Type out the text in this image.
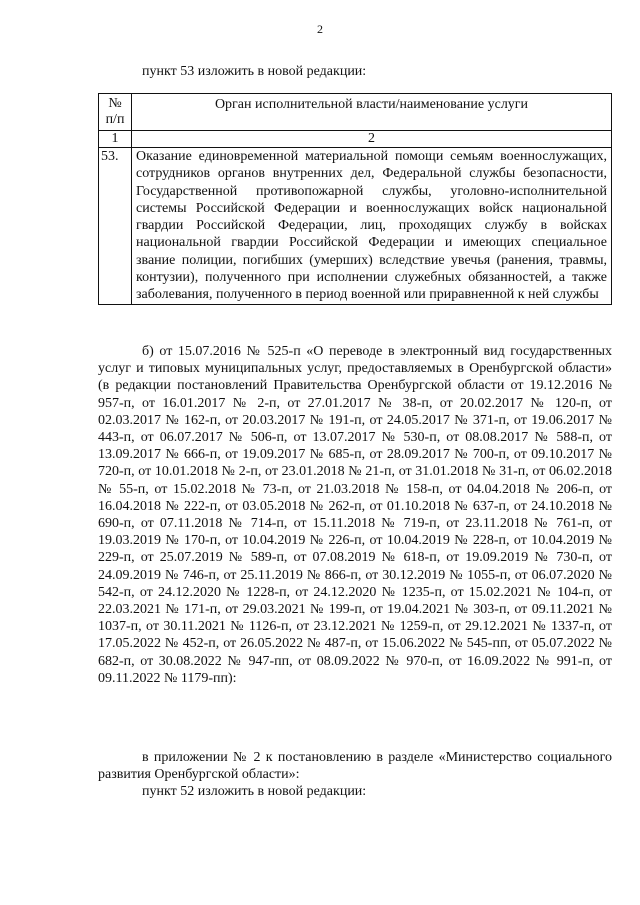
2
пункт 53 изложить в новой редакции:
№ п/п	Орган исполнительной власти/наименование услуги
1	2
53.	Оказание единовременной материальной помощи семьям военнослужащих, сотрудников органов внутренних дел, Федеральной службы безопасности, Государственной противопожарной службы, уголовно-исполнительной системы Российской Федерации и военнослужащих войск национальной гвардии Российской Федерации, лиц, проходящих службу в войсках национальной гвардии Российской Федерации и имеющих специальное звание полиции, погибших (умерших) вследствие увечья (ранения, травмы, контузии), полученного при исполнении служебных обязанностей, а также заболевания, полученного в период военной или приравненной к ней службы
б) от 15.07.2016 № 525-п «О переводе в электронный вид государственных услуг и типовых муниципальных услуг, предоставляемых в Оренбургской области» (в редакции постановлений Правительства Оренбургской области от 19.12.2016 № 957-п, от 16.01.2017 № 2-п, от 27.01.2017 № 38-п, от 20.02.2017 № 120-п, от 02.03.2017 № 162-п, от 20.03.2017 № 191-п, от 24.05.2017 № 371-п, от 19.06.2017 № 443-п, от 06.07.2017 № 506-п, от 13.07.2017 № 530-п, от 08.08.2017 № 588-п, от 13.09.2017 № 666-п, от 19.09.2017 № 685-п, от 28.09.2017 № 700-п, от 09.10.2017 № 720-п, от 10.01.2018 № 2-п, от 23.01.2018 № 21-п, от 31.01.2018 № 31-п, от 06.02.2018 № 55-п, от 15.02.2018 № 73-п, от 21.03.2018 № 158-п, от 04.04.2018 № 206-п, от 16.04.2018 № 222-п, от 03.05.2018 № 262-п, от 01.10.2018 № 637-п, от 24.10.2018 № 690-п, от 07.11.2018 № 714-п, от 15.11.2018 № 719-п, от 23.11.2018 № 761-п, от 19.03.2019 № 170-п, от 10.04.2019 № 226-п, от 10.04.2019 № 228-п, от 10.04.2019 № 229-п, от 25.07.2019 № 589-п, от 07.08.2019 № 618-п, от 19.09.2019 № 730-п, от 24.09.2019 № 746-п, от 25.11.2019 № 866-п, от 30.12.2019 № 1055-п, от 06.07.2020 № 542-п, от 24.12.2020 № 1228-п, от 24.12.2020 № 1235-п, от 15.02.2021 № 104-п, от 22.03.2021 № 171-п, от 29.03.2021 № 199-п, от 19.04.2021 № 303-п, от 09.11.2021 № 1037-п, от 30.11.2021 № 1126-п, от 23.12.2021 № 1259-п, от 29.12.2021 № 1337-п, от 17.05.2022 № 452-п, от 26.05.2022 № 487-п, от 15.06.2022 № 545-пп, от 05.07.2022 № 682-п, от 30.08.2022 № 947-пп, от 08.09.2022 № 970-п, от 16.09.2022 № 991-п, от 09.11.2022 № 1179-пп):
в приложении № 2 к постановлению в разделе «Министерство социального развития Оренбургской области»:
пункт 52 изложить в новой редакции:
